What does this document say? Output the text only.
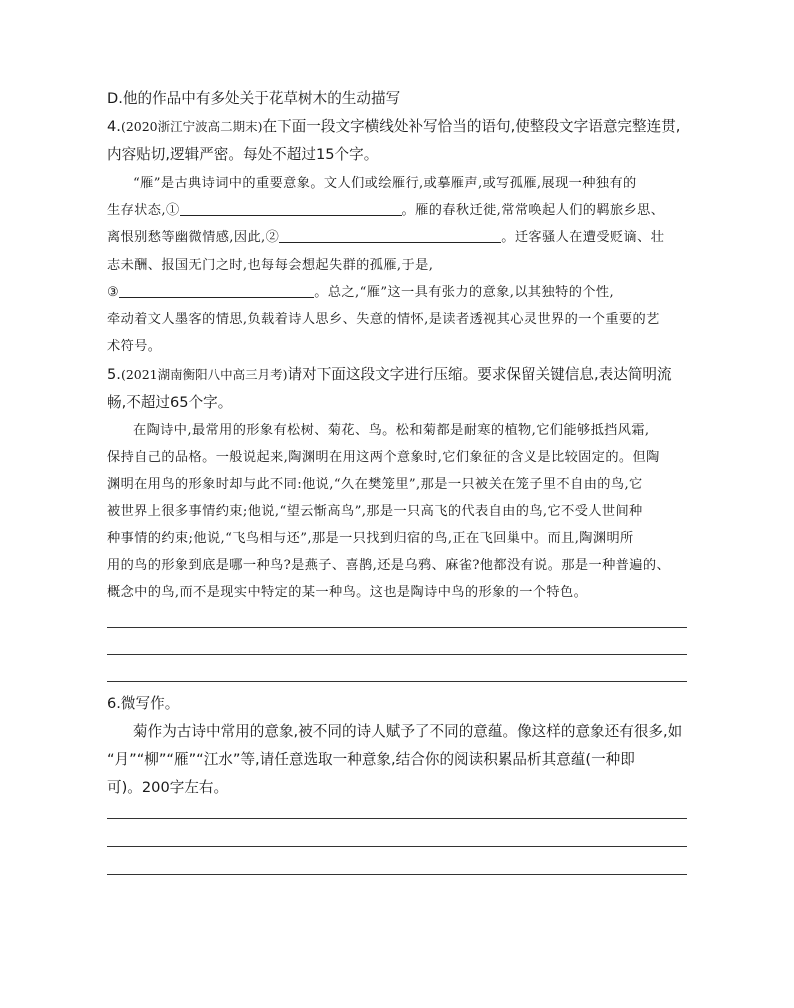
D.他的作品中有多处关于花草树木的生动描写
4.(2020浙江宁波高二期末)在下面一段文字横线处补写恰当的语句,使整段文字语意完整连贯,
内容贴切,逻辑严密。每处不超过15个字。
“雁”是古典诗词中的重要意象。文人们或绘雁行,或摹雁声,或写孤雁,展现一种独有的
生存状态,①	。雁的春秋迁徙,常常唤起人们的羁旅乡思、
离恨别愁等幽微情感,因此,②	。迁客骚人在遭受贬谪、壮
志未酬、报国无门之时,也每每会想起失群的孤雁,于是,
③	。总之,“雁”这一具有张力的意象,以其独特的个性,
牵动着文人墨客的情思,负载着诗人思乡、失意的情怀,是读者透视其心灵世界的一个重要的艺
术符号。
5.(2021湖南衡阳八中高三月考)请对下面这段文字进行压缩。要求保留关键信息,表达简明流
畅,不超过65个字。
在陶诗中,最常用的形象有松树、菊花、鸟。松和菊都是耐寒的植物,它们能够抵挡风霜,
保持自己的品格。一般说起来,陶渊明在用这两个意象时,它们象征的含义是比较固定的。但陶
渊明在用鸟的形象时却与此不同:他说,“久在樊笼里”,那是一只被关在笼子里不自由的鸟,它
被世界上很多事情约束;他说,“望云惭高鸟”,那是一只高飞的代表自由的鸟,它不受人世间种
种事情的约束;他说,“飞鸟相与还”,那是一只找到归宿的鸟,正在飞回巢中。而且,陶渊明所
用的鸟的形象到底是哪一种鸟?是燕子、喜鹊,还是乌鸦、麻雀?他都没有说。那是一种普遍的、
概念中的鸟,而不是现实中特定的某一种鸟。这也是陶诗中鸟的形象的一个特色。
6.微写作。
菊作为古诗中常用的意象,被不同的诗人赋予了不同的意蕴。像这样的意象还有很多,如
“月”“柳”“雁”“江水”等,请任意选取一种意象,结合你的阅读积累品析其意蕴(一种即
可)。200字左右。
